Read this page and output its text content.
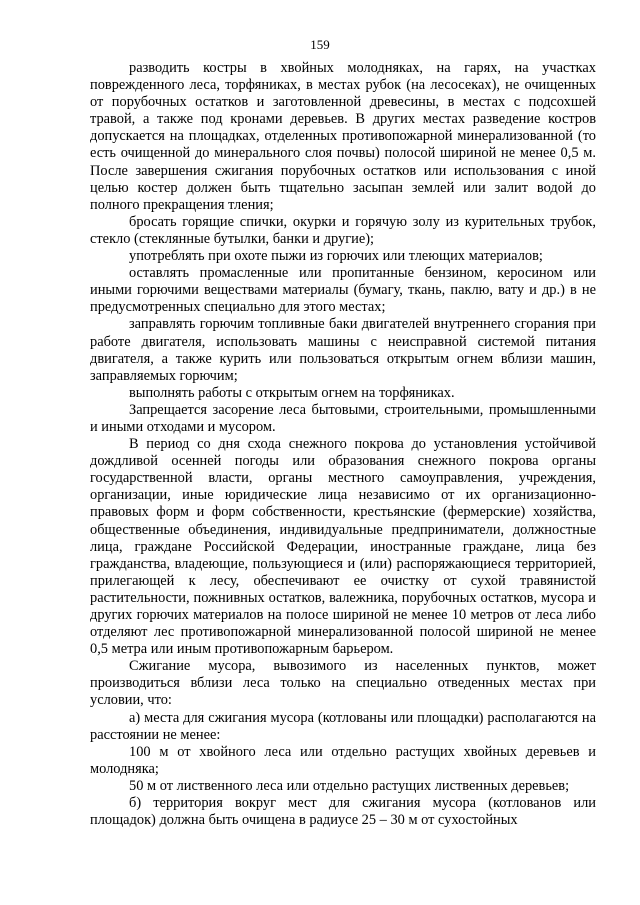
159

разводить костры в хвойных молодняках, на гарях, на участках поврежденного леса, торфяниках, в местах рубок (на лесосеках), не очищенных от порубочных остатков и заготовленной древесины, в местах с подсохшей травой, а также под кронами деревьев. В других местах разведение костров допускается на площадках, отделенных противопожарной минерализованной (то есть очищенной до минерального слоя почвы) полосой шириной не менее 0,5 м. После завершения сжигания порубочных остатков или использования с иной целью костер должен быть тщательно засыпан землей или залит водой до полного прекращения тления;

бросать горящие спички, окурки и горячую золу из курительных трубок, стекло (стеклянные бутылки, банки и другие);

употреблять при охоте пыжи из горючих или тлеющих материалов;

оставлять промасленные или пропитанные бензином, керосином или иными горючими веществами материалы (бумагу, ткань, паклю, вату и др.) в не предусмотренных специально для этого местах;

заправлять горючим топливные баки двигателей внутреннего сгорания при работе двигателя, использовать машины с неисправной системой питания двигателя, а также курить или пользоваться открытым огнем вблизи машин, заправляемых горючим;

выполнять работы с открытым огнем на торфяниках.

Запрещается засорение леса бытовыми, строительными, промышленными и иными отходами и мусором.

В период со дня схода снежного покрова до установления устойчивой дождливой осенней погоды или образования снежного покрова органы государственной власти, органы местного самоуправления, учреждения, организации, иные юридические лица независимо от их организационно-правовых форм и форм собственности, крестьянские (фермерские) хозяйства, общественные объединения, индивидуальные предприниматели, должностные лица, граждане Российской Федерации, иностранные граждане, лица без гражданства, владеющие, пользующиеся и (или) распоряжающиеся территорией, прилегающей к лесу, обеспечивают ее очистку от сухой травянистой растительности, пожнивных остатков, валежника, порубочных остатков, мусора и других горючих материалов на полосе шириной не менее 10 метров от леса либо отделяют лес противопожарной минерализованной полосой шириной не менее 0,5 метра или иным противопожарным барьером.

Сжигание мусора, вывозимого из населенных пунктов, может производиться вблизи леса только на специально отведенных местах при условии, что:

а) места для сжигания мусора (котлованы или площадки) располагаются на расстоянии не менее:

100 м от хвойного леса или отдельно растущих хвойных деревьев и молодняка;

50 м от лиственного леса или отдельно растущих лиственных деревьев;

б) территория вокруг мест для сжигания мусора (котлованов или площадок) должна быть очищена в радиусе 25 – 30 м от сухостойных
